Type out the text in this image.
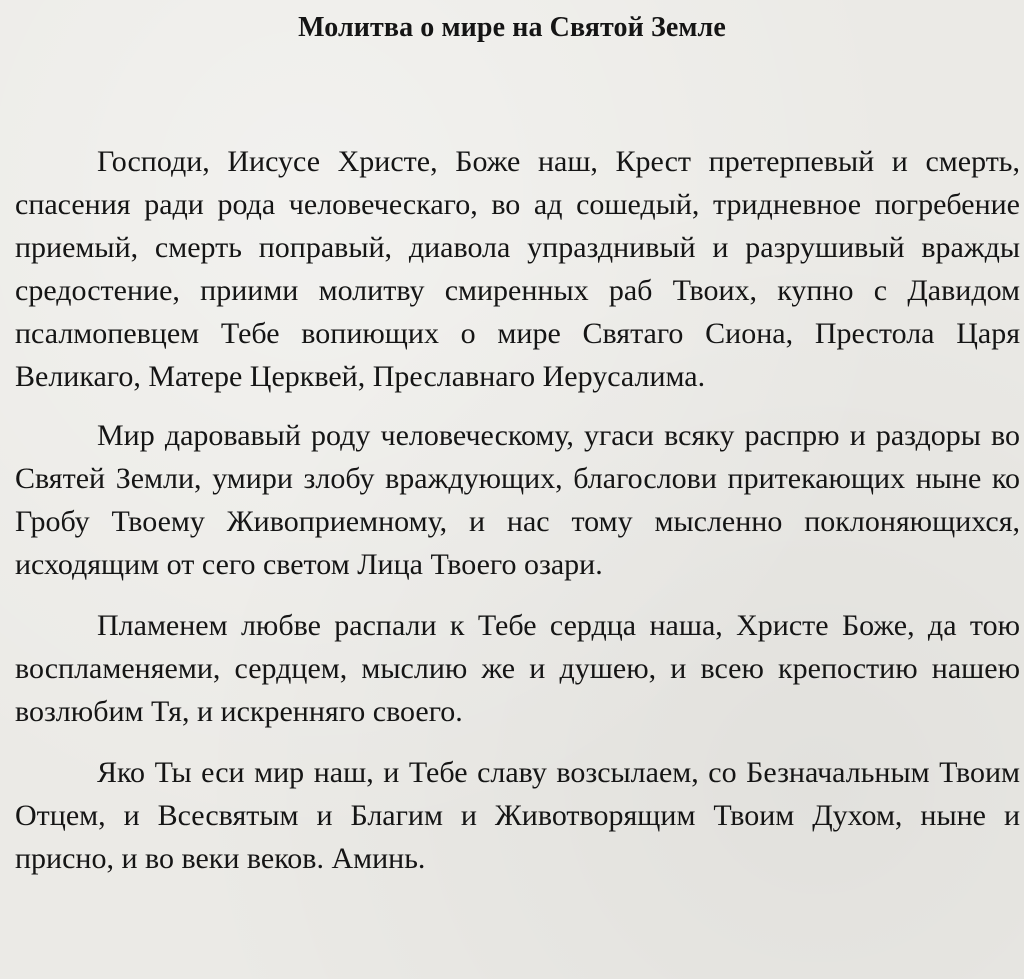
Молитва о мире на Святой Земле

Господи, Иисусе Христе, Боже наш, Крест претерпевый и смерть, спасения ради рода человеческаго, во ад сошедый, тридневное погребение приемый, смерть поправый, диавола упразднивый и разрушивый вражды средостение, приими молитву смиренных раб Твоих, купно с Давидом псалмопевцем Тебе вопиющих о мире Святаго Сиона, Престола Царя Великаго, Матере Церквей, Преславнаго Иерусалима.

Мир даровавый роду человеческому, угаси всяку распрю и раздоры во Святей Земли, умири злобу враждующих, благослови притекающих ныне ко Гробу Твоему Живоприемному, и нас тому мысленно поклоняющихся, исходящим от сего светом Лица Твоего озари.

Пламенем любве распали к Тебе сердца наша, Христе Боже, да тою воспламеняеми, сердцем, мыслию же и душею, и всею крепостию нашею возлюбим Тя, и искренняго своего.

Яко Ты еси мир наш, и Тебе славу возсылаем, со Безначальным Твоим Отцем, и Всесвятым и Благим и Животворящим Твоим Духом, ныне и присно, и во веки веков. Аминь.
